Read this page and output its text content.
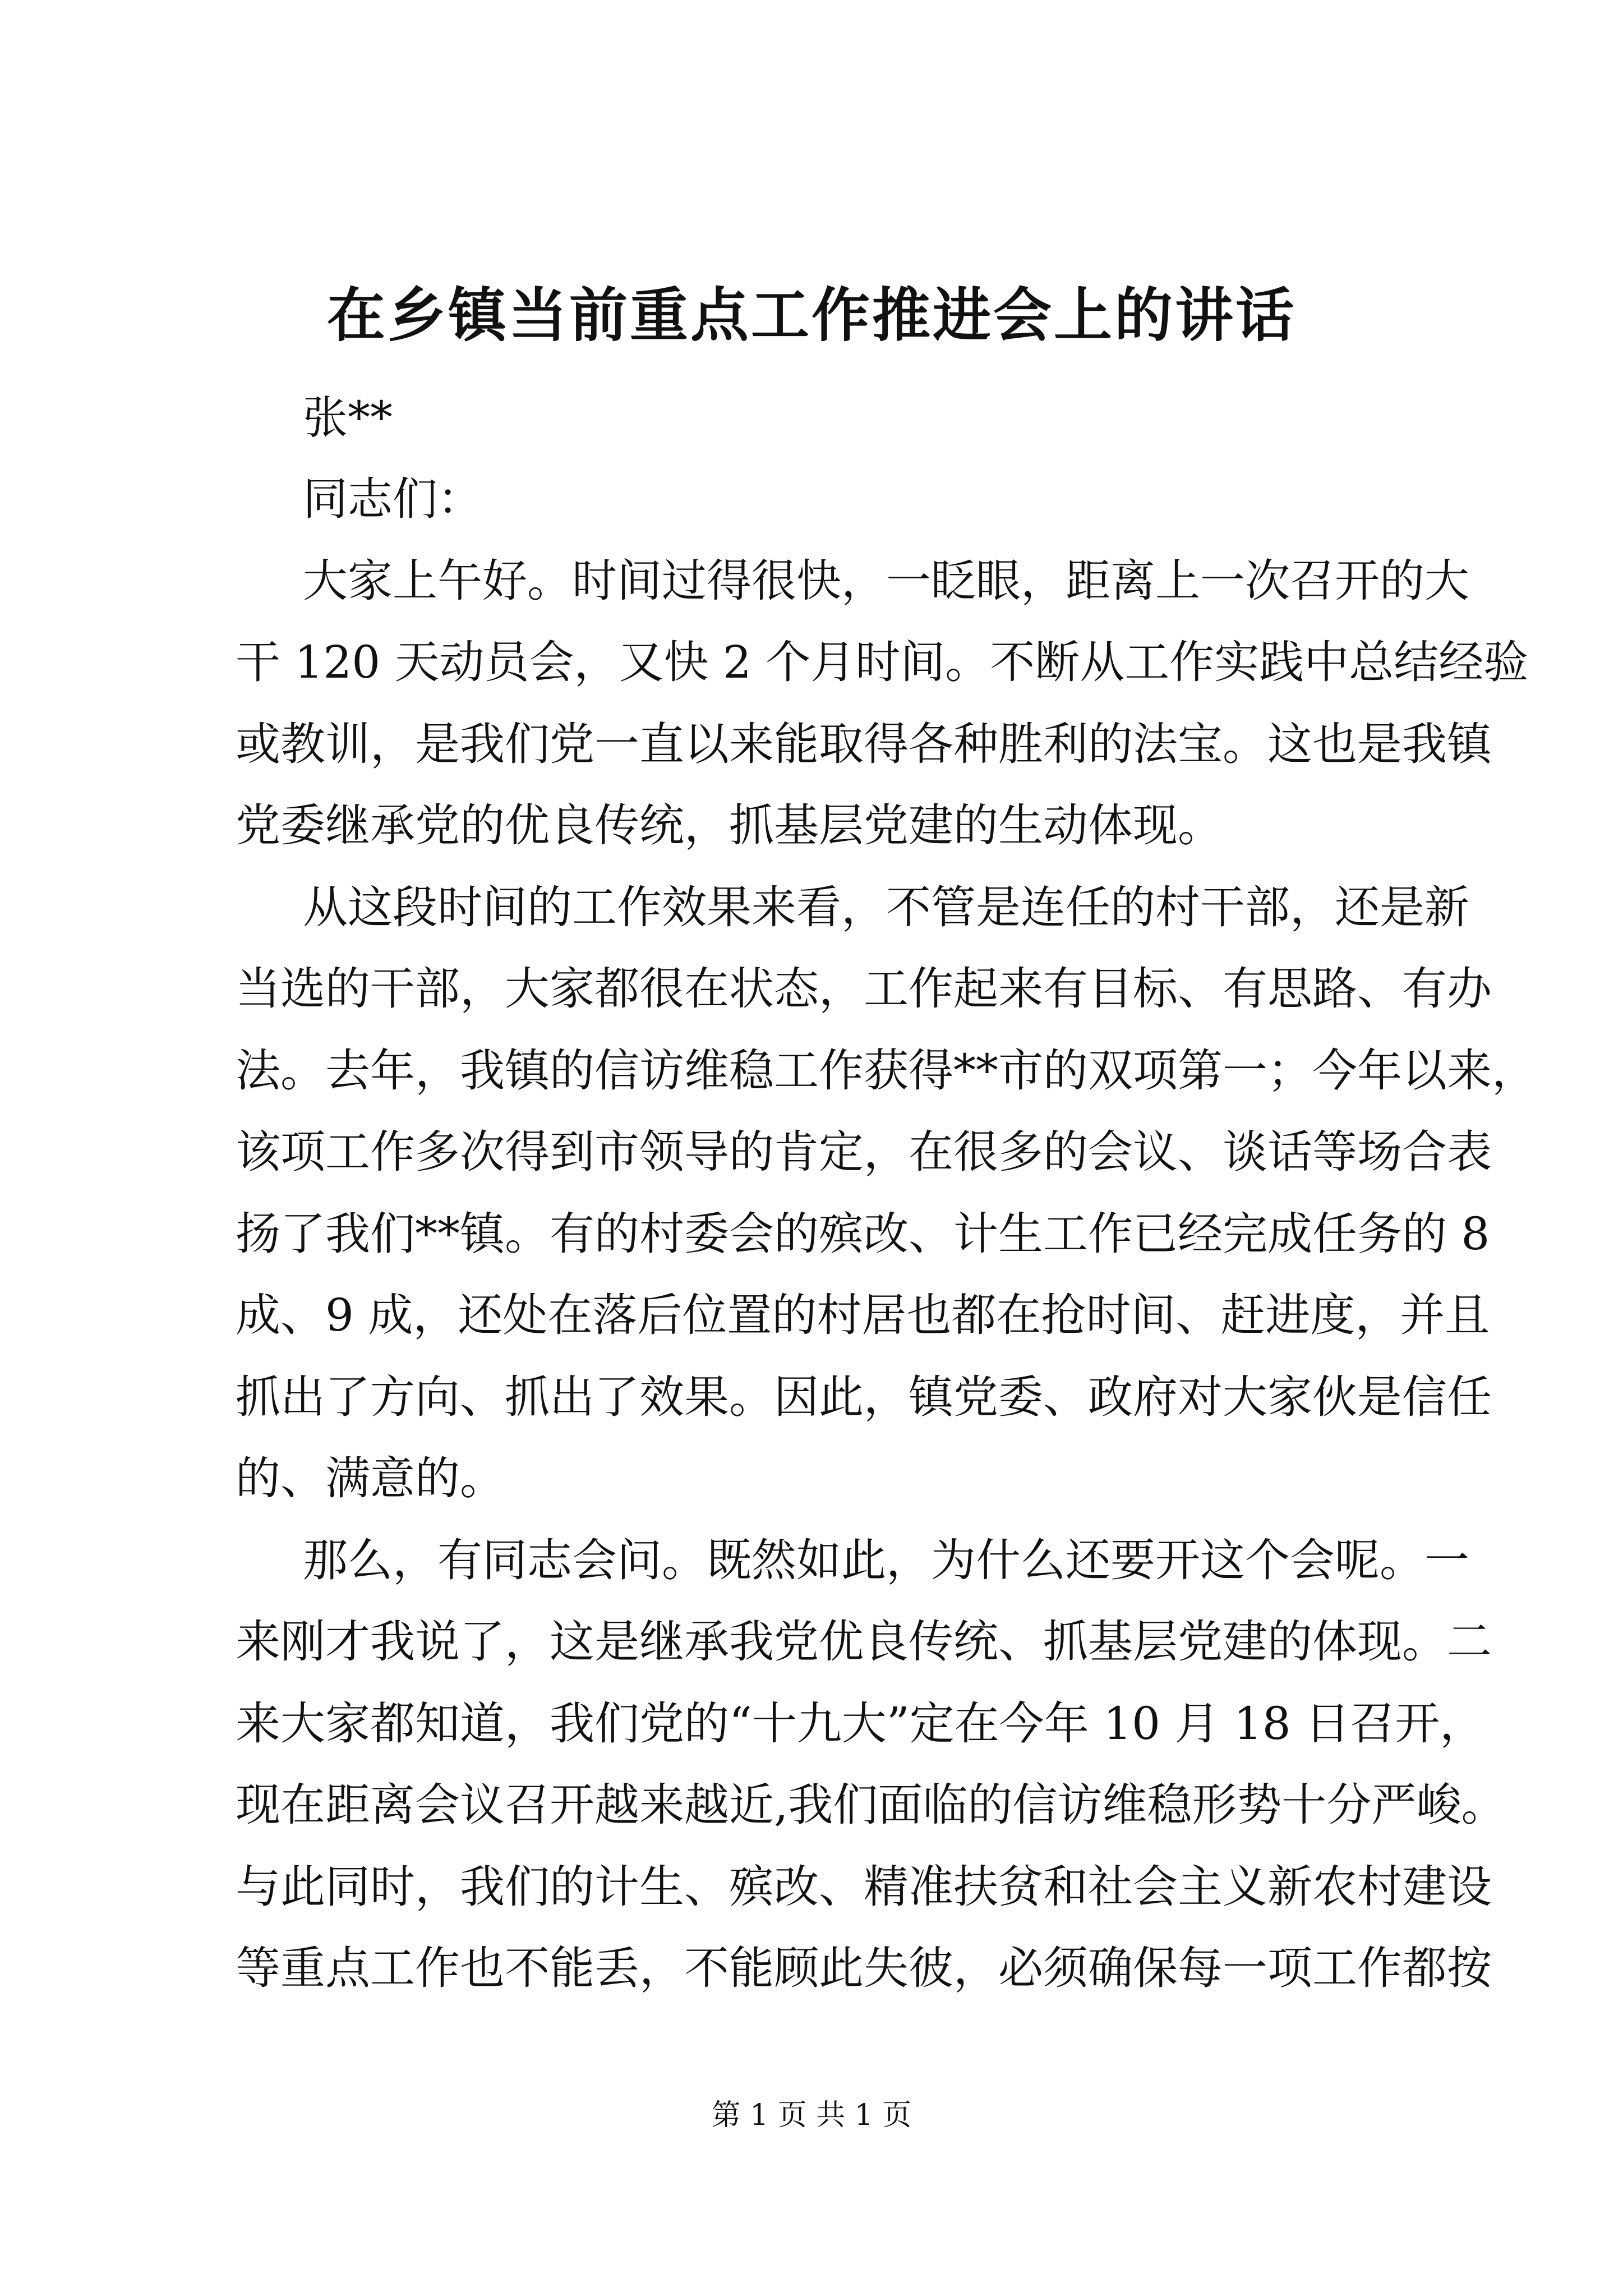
在乡镇当前重点工作推进会上的讲话
张**
同志们：
大家上午好。时间过得很快，一眨眼，距离上一次召开的大
干 120 天动员会，又快 2 个月时间。不断从工作实践中总结经验
或教训，是我们党一直以来能取得各种胜利的法宝。这也是我镇
党委继承党的优良传统，抓基层党建的生动体现。
从这段时间的工作效果来看，不管是连任的村干部，还是新
当选的干部，大家都很在状态，工作起来有目标、有思路、有办
法。去年，我镇的信访维稳工作获得**市的双项第一；今年以来，
该项工作多次得到市领导的肯定，在很多的会议、谈话等场合表
扬了我们**镇。有的村委会的殡改、计生工作已经完成任务的 8
成、9 成，还处在落后位置的村居也都在抢时间、赶进度，并且
抓出了方向、抓出了效果。因此，镇党委、政府对大家伙是信任
的、满意的。
那么，有同志会问。既然如此，为什么还要开这个会呢。一
来刚才我说了，这是继承我党优良传统、抓基层党建的体现。二
来大家都知道，我们党的“十九大”定在今年 10 月 18 日召开，
现在距离会议召开越来越近,我们面临的信访维稳形势十分严峻。
与此同时，我们的计生、殡改、精准扶贫和社会主义新农村建设
等重点工作也不能丢，不能顾此失彼，必须确保每一项工作都按
第 1 页 共 1 页
